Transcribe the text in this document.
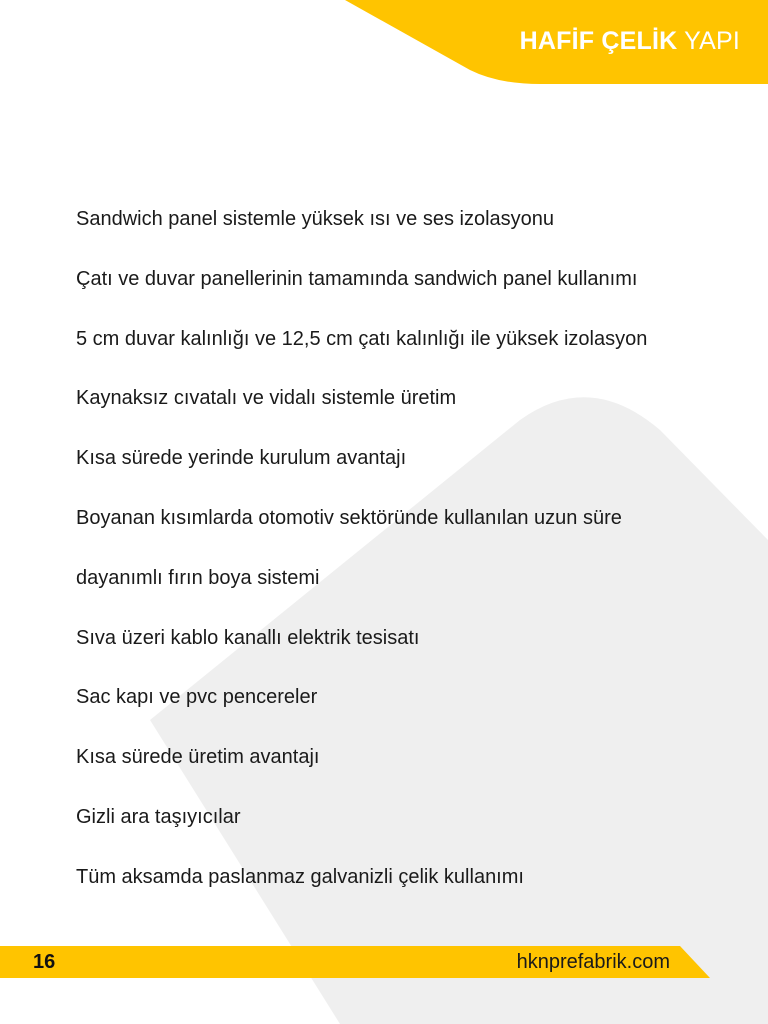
HAFİF ÇELİK YAPI
Sandwich panel sistemle yüksek ısı ve ses izolasyonu
Çatı ve duvar panellerinin tamamında sandwich panel kullanımı
5 cm duvar kalınlığı ve 12,5 cm çatı kalınlığı ile yüksek izolasyon
Kaynaksız cıvatalı ve vidalı sistemle üretim
Kısa sürede yerinde kurulum avantajı
Boyanan kısımlarda otomotiv sektöründe kullanılan uzun süre
dayanımlı fırın boya sistemi
Sıva üzeri kablo kanallı elektrik tesisatı
Sac kapı ve pvc pencereler
Kısa sürede üretim avantajı
Gizli ara taşıyıcılar
Tüm aksamda paslanmaz galvanizli çelik kullanımı
16	hknprefabrik.com
